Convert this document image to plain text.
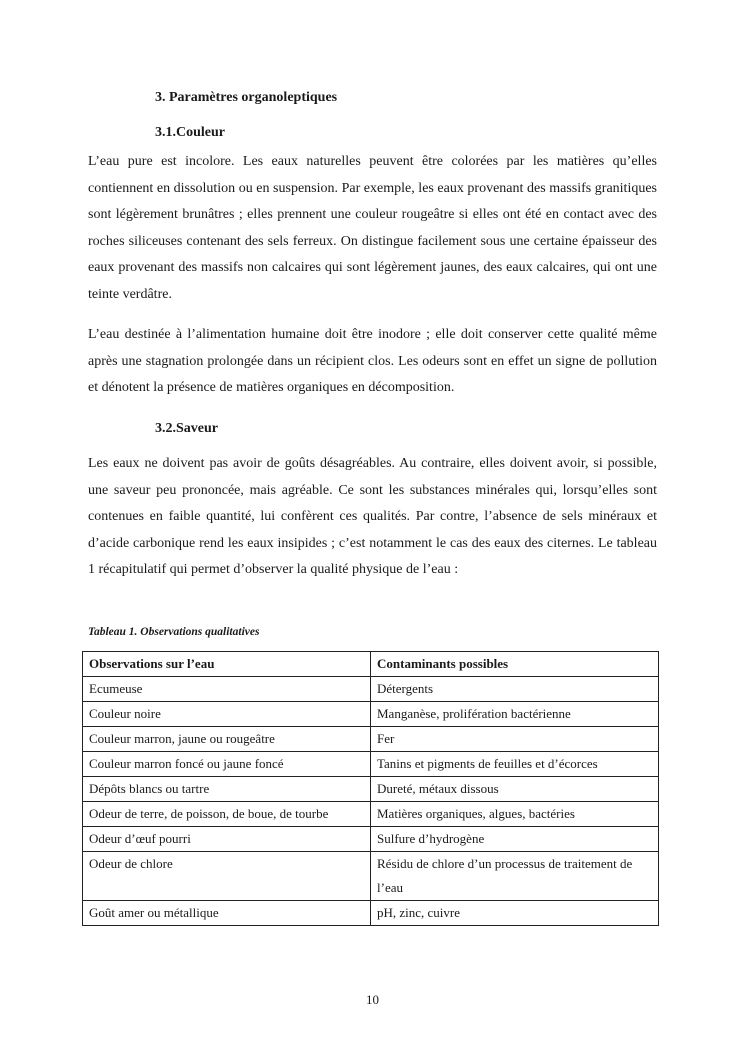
3. Paramètres organoleptiques
3.1.Couleur

L’eau pure est incolore. Les eaux naturelles peuvent être colorées par les matières qu’elles contiennent en dissolution ou en suspension. Par exemple, les eaux provenant des massifs granitiques sont légèrement brunâtres ; elles prennent une couleur rougeâtre si elles ont été en contact avec des roches siliceuses contenant des sels ferreux. On distingue facilement sous une certaine épaisseur des eaux provenant des massifs non calcaires qui sont légèrement jaunes, des eaux calcaires, qui ont une teinte verdâtre.

L’eau destinée à l’alimentation humaine doit être inodore ; elle doit conserver cette qualité même après une stagnation prolongée dans un récipient clos. Les odeurs sont en effet un signe de pollution et dénotent la présence de matières organiques en décomposition.

3.2.Saveur

Les eaux ne doivent pas avoir de goûts désagréables. Au contraire, elles doivent avoir, si possible, une saveur peu prononcée, mais agréable. Ce sont les substances minérales qui, lorsqu’elles sont contenues en faible quantité, lui confèrent ces qualités. Par contre, l’absence de sels minéraux et d’acide carbonique rend les eaux insipides ; c’est notamment le cas des eaux des citernes. Le tableau 1 récapitulatif qui permet d’observer la qualité physique de l’eau :

Tableau 1. Observations qualitatives
Observations sur l’eau	Contaminants possibles
Ecumeuse	Détergents
Couleur noire	Manganèse, prolifération bactérienne
Couleur marron, jaune ou rougeâtre	Fer
Couleur marron foncé ou jaune foncé	Tanins et pigments de feuilles et d’écorces
Dépôts blancs ou tartre	Dureté, métaux dissous
Odeur de terre, de poisson, de boue, de tourbe	Matières organiques, algues, bactéries
Odeur d’œuf pourri	Sulfure d’hydrogène
Odeur de chlore	Résidu de chlore d’un processus de traitement de l’eau
Goût amer ou métallique	pH, zinc, cuivre
10
